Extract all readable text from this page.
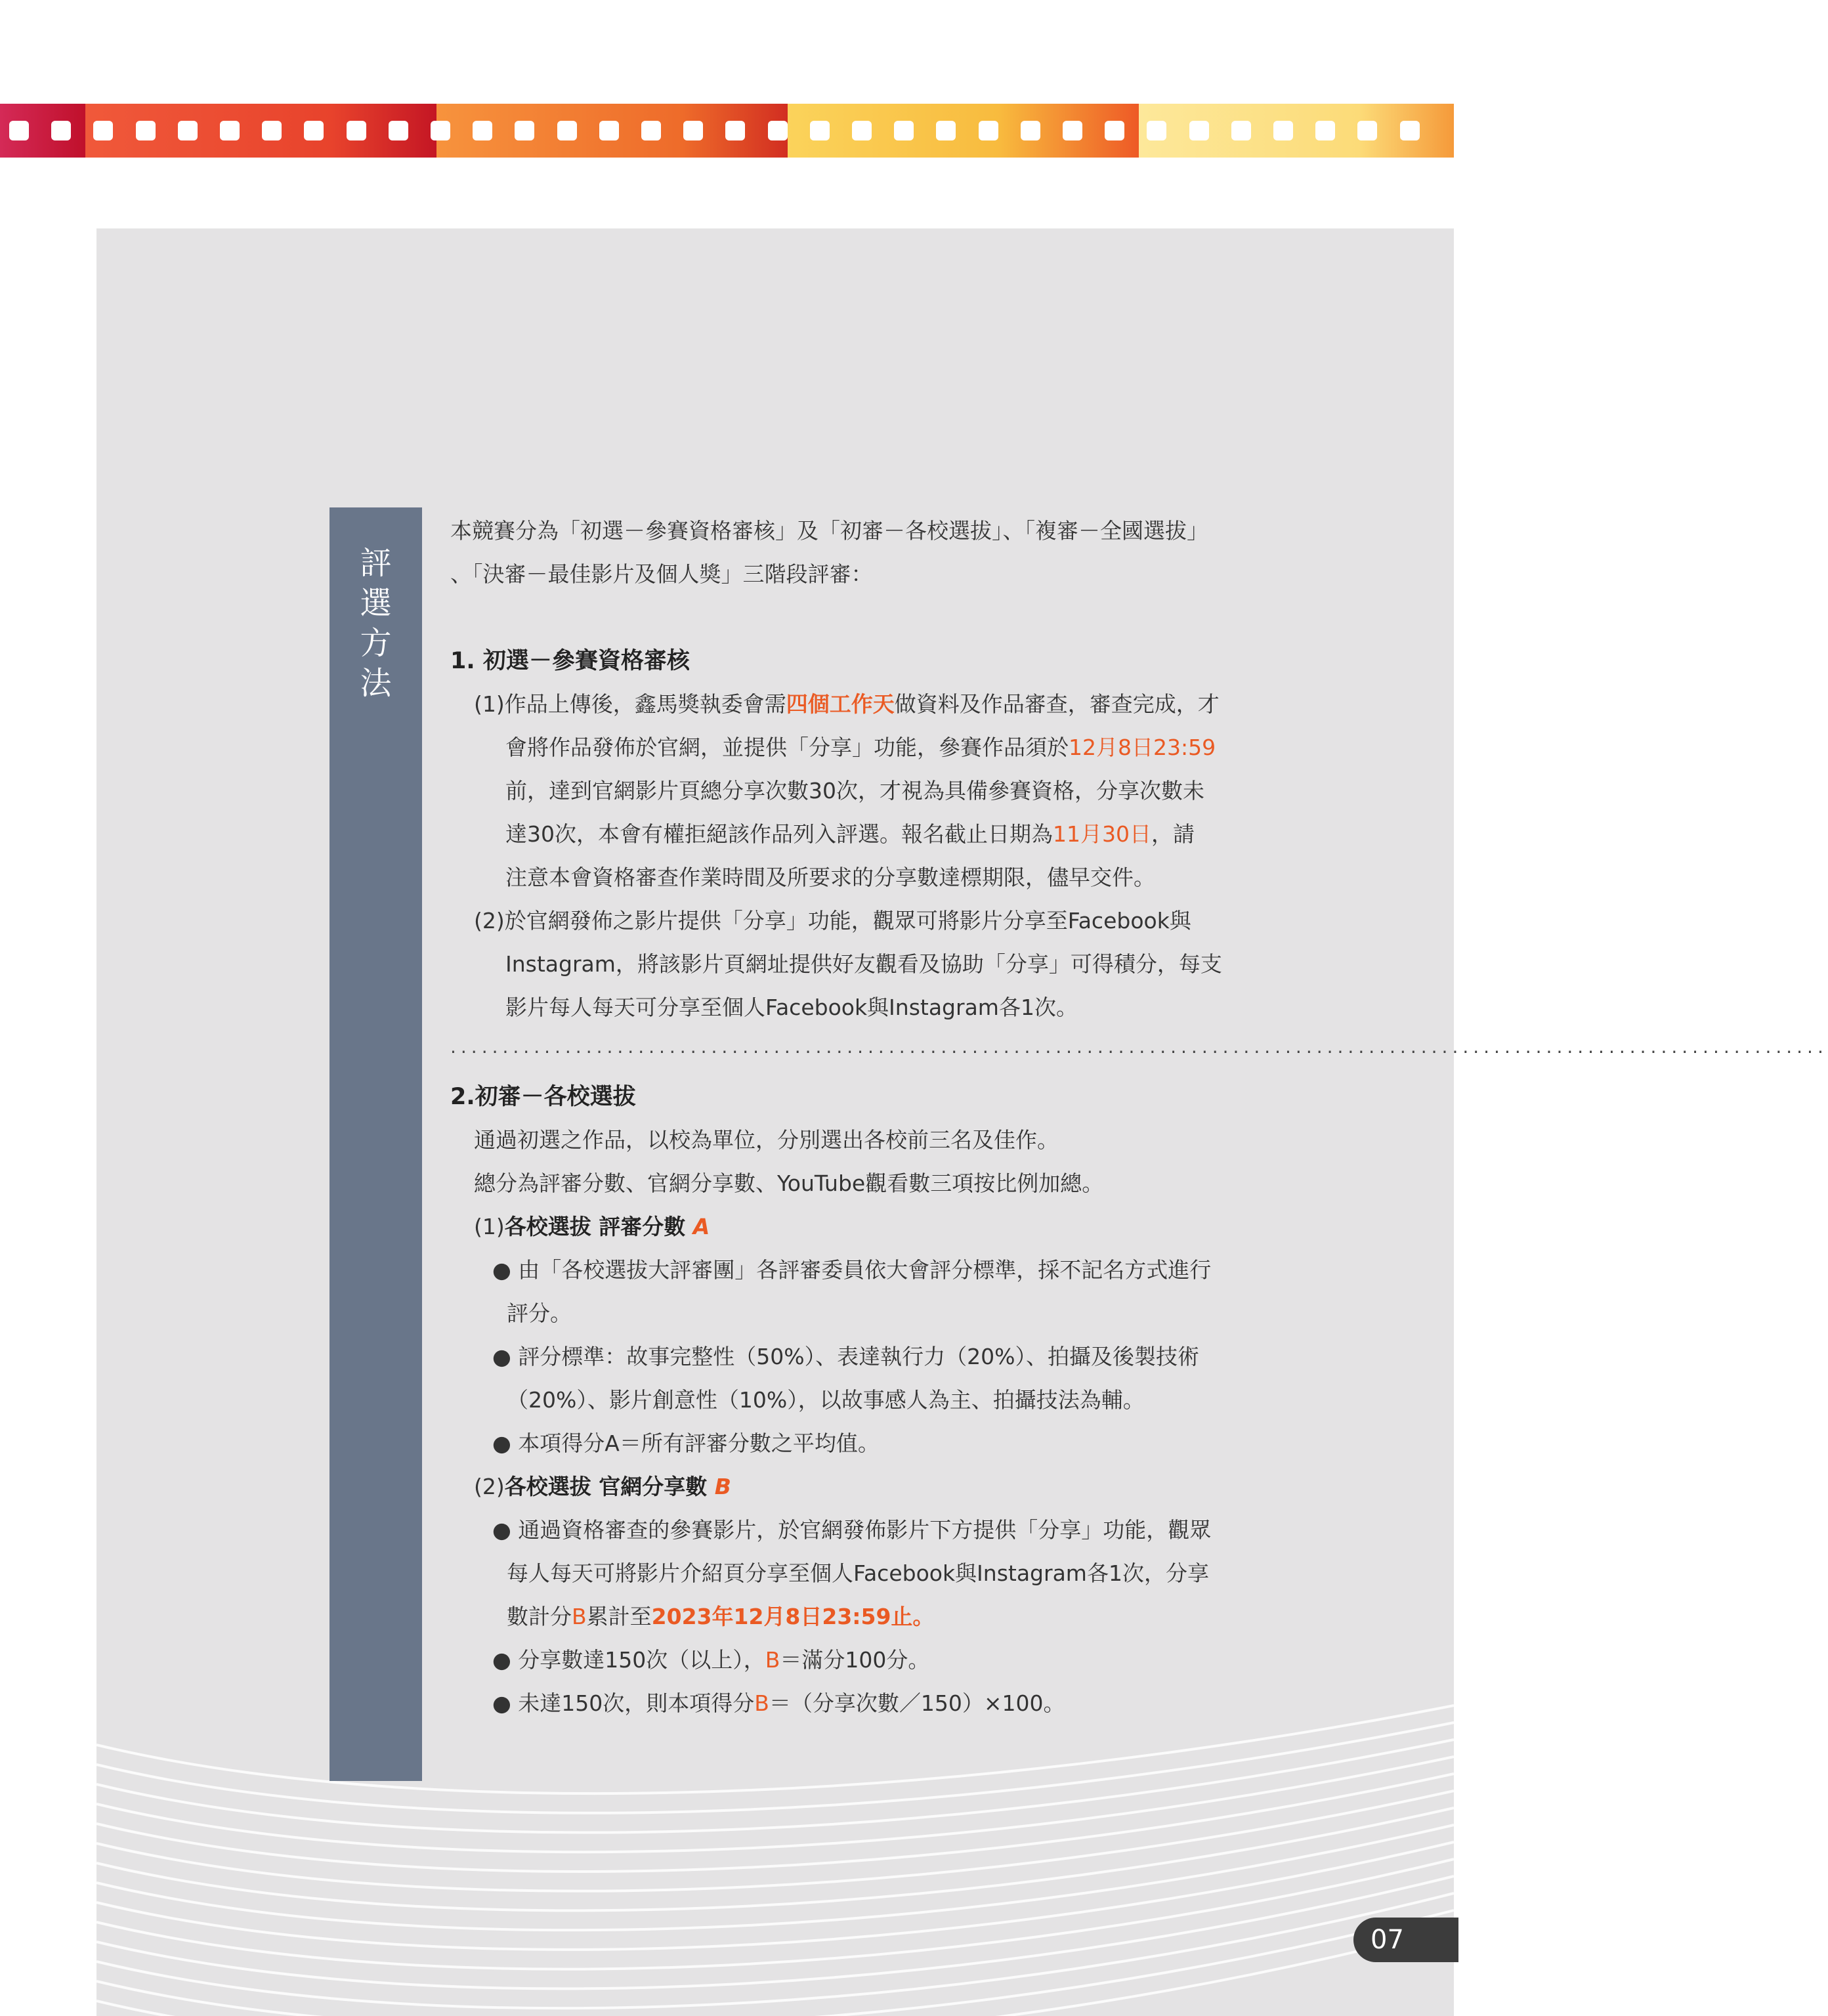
評
選
方
法
本競賽分為「初選－參賽資格審核」及「初審－各校選拔」、「複審－全國選拔」
、「決審－最佳影片及個人獎」三階段評審：
1. 初選－參賽資格審核
(1)作品上傳後，鑫馬獎執委會需四個工作天做資料及作品審查，審查完成，才
會將作品發佈於官網，並提供「分享」功能，參賽作品須於12月8日23:59
前，達到官網影片頁總分享次數30次，才視為具備參賽資格，分享次數未
達30次，本會有權拒絕該作品列入評選。報名截止日期為11月30日，請
注意本會資格審查作業時間及所要求的分享數達標期限，儘早交件。
(2)於官網發佈之影片提供「分享」功能，觀眾可將影片分享至Facebook與
Instagram，將該影片頁網址提供好友觀看及協助「分享」可得積分，每支
影片每人每天可分享至個人Facebook與Instagram各1次。
....................................................................................................................................
2.初審－各校選拔
通過初選之作品，以校為單位，分別選出各校前三名及佳作。
總分為評審分數、官網分享數、YouTube觀看數三項按比例加總。
(1)各校選拔 評審分數 A
● 由「各校選拔大評審團」各評審委員依大會評分標準，採不記名方式進行
評分。
● 評分標準：故事完整性（50%）、表達執行力（20%）、拍攝及後製技術
（20%）、影片創意性（10%），以故事感人為主、拍攝技法為輔。
● 本項得分A＝所有評審分數之平均值。
(2)各校選拔 官網分享數 B
● 通過資格審查的參賽影片，於官網發佈影片下方提供「分享」功能，觀眾
每人每天可將影片介紹頁分享至個人Facebook與Instagram各1次，分享
數計分B累計至2023年12月8日23:59止。
● 分享數達150次（以上），B＝滿分100分。
● 未達150次，則本項得分B＝（分享次數／150）×100。
07
